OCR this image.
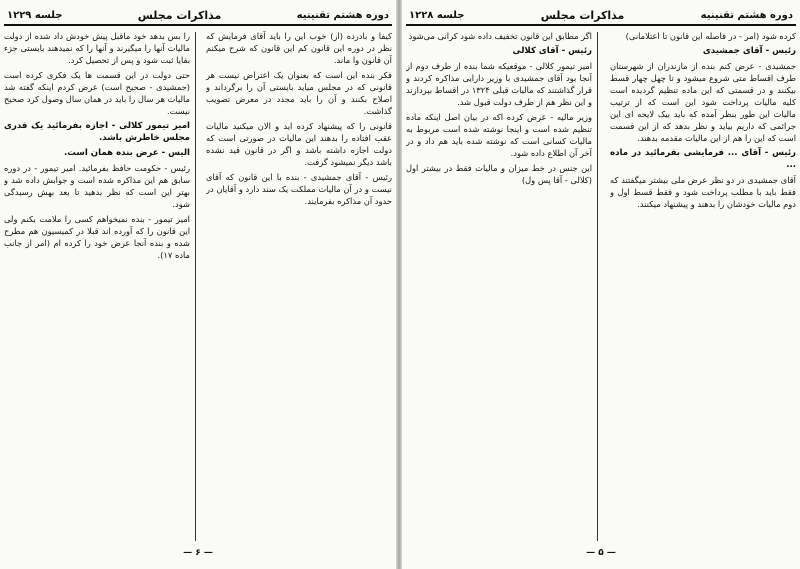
دوره هشتم تقنینیه
مذاکرات مجلس
جلسه ۱۲۲۸

کرده شود (امر - در فاصله این قانون تا اعتلامانی)

رئیس - آقای جمشیدی

جمشیدی - عرض کنم بنده از مازندران از شهرستان طرف اقساط متی شروع میشود و تا چهل چهار قسط بیکنند و در قسمتی که این ماده تنظیم گردیده است کلیه مالیات پرداخت شود این است که از ترتیب مالیات این طور بنظر آمده که باید بیک لایحه ای این جرائمی که داریم بیاید و نظر بدهد که از این قسمت است که این را هم از این مالیات مقدمه بدهند.

رئیس - آقای ... فرمایشی بفرمائید در ماده ...

آقای جمشیدی در دو نظر عرض ملی بیشتر میگفتند که فقط باید با مطلب پرداخت شود و فقط قسط اول و دوم مالیات خودشان را بدهند و پیشنهاد میکنند.

اگر مطابق این قانون تخفیف داده شود کرانی می‌شود

رئیس - آقای کلالی

امیر تیمور کلالی - موقعیکه شما بنده از طرف دوم از آنجا بود آقای جمشیدی با وزیر دارایی مذاکره کردند و قرار گذاشتند که مالیات قبلی ۱۳۲۴ در اقساط بپردازند و این نظر هم از طرف دولت قبول شد.

وزیر مالیه - عرض کرده اکه در بیان اصل اینکه ماده تنظیم شده است و اینجا نوشته شده است مربوط به مالیات کسانی است که نوشته شده باید هم داد و در آخر آن اطلاع داده شود.

این جنس در خط میزان و مالیات فقط در بیشتر اول (کلالی - آقا پس ول)

— ۵ —
دوره هشتم تقنینیه
مذاکرات مجلس
جلسه ۱۲۲۹

کیفا و بادرده (از) خوب این را باید آقای فرمایش که نظر در دوره این قانون کم این قانون که شرح میکنم آن قانون وا ماند.

فکر بنده این است که بعنوان یک اعتراض نیست هر قانونی که در مجلس میاید بایستی آن را برگرداند و اصلاح بکنند و آن را باید مجدد در معرض تصویب گذاشت.

قانونی را که پیشنهاد کرده اید و الان میکنید مالیات عقب افتاده را بدهند این مالیات در صورتی است که دولت اجازه داشته باشد و اگر در قانون قید نشده باشد دیگر نمیشود گرفت.

رئیس - آقای جمشیدی - بنده با این قانون که آقای نیست و در آن مالیات مملکت یک سند دارد و آقایان در حدود آن مذاکره بفرمایند.

را بس بدهد خود ماقبل پیش خودش داد شده از دولت مالیات آنها را میگیرند و آنها را که نمیدهند بایستی جزء بقایا ثبت شود و پس از تحصیل کرد.

حتی دولت در این قسمت ها یک فکری کرده است (جمشیدی - صحیح است) عرض کردم اینکه گفته شد مالیات هر سال را باید در همان سال وصول کرد صحیح نیست.

امیر تیمور کلالی - اجازه بفرمائید یک قدری مجلس خاطرش باشد.

الیس - عرض بنده همان است.

رئیس - حکومت حافظ بفرمائید. امیر تیمور - در دوره سابق هم این مذاکره شده است و جوابش داده شد و بهتر این است که نظر بدهید تا بعد بهش رسیدگی شود.

امیر تیمور - بنده نمیخواهم کسی را ملامت بکنم ولی این قانون را که آورده اند قبلا در کمیسیون هم مطرح شده و بنده آنجا عرض خود را کرده ام (امر از جانب ماده ۱۷).

— ۶ —
